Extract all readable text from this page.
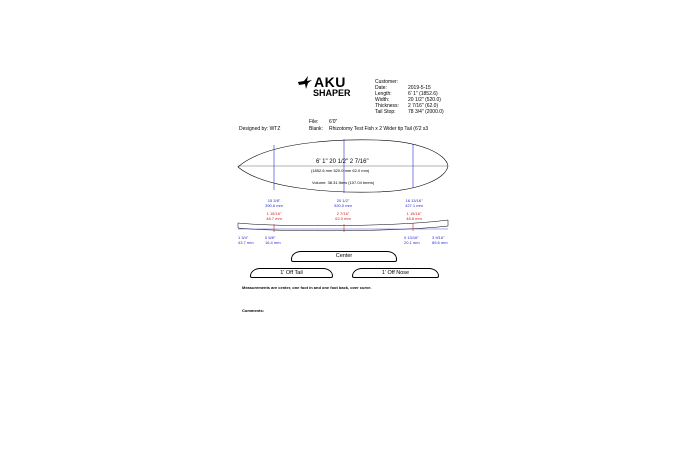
AKU
SHAPER
Customer:
Date:	2019-5-15
Length:	6' 1" (1852.6)
Width:	20 1/2" (520.0)
Thickness: 2 7/16" (62.0)
Tail Stop: 78 3/4" (2000.0)
File: 6'0"
Blank: Rhizotomy Test Fish x 2 Wider tip Tail (6'2 s3
Designed by: WTZ
6' 1" 20 1/2" 2 7/16"
(1852.6 mm 520.0 mm 62.0 mm)
Volume: 38.31 liters (107.04 beers)
15 3/8"
390.6 mm
20 1/2"
520.0 mm
16 13/16"
427.1 mm
1 15/16"
48.7 mm
2 7/16"
62.0 mm
1 15/16"
48.8 mm
1 3/4"
43.7 mm
0 5/8"
16.4 mm
0 13/16"
20.1 mm
3 9/16"
89.6 mm
Center
1' Off Tail	1' Off Nose
Measurements are center, one foot in and one foot back, over curve.
Comments:
